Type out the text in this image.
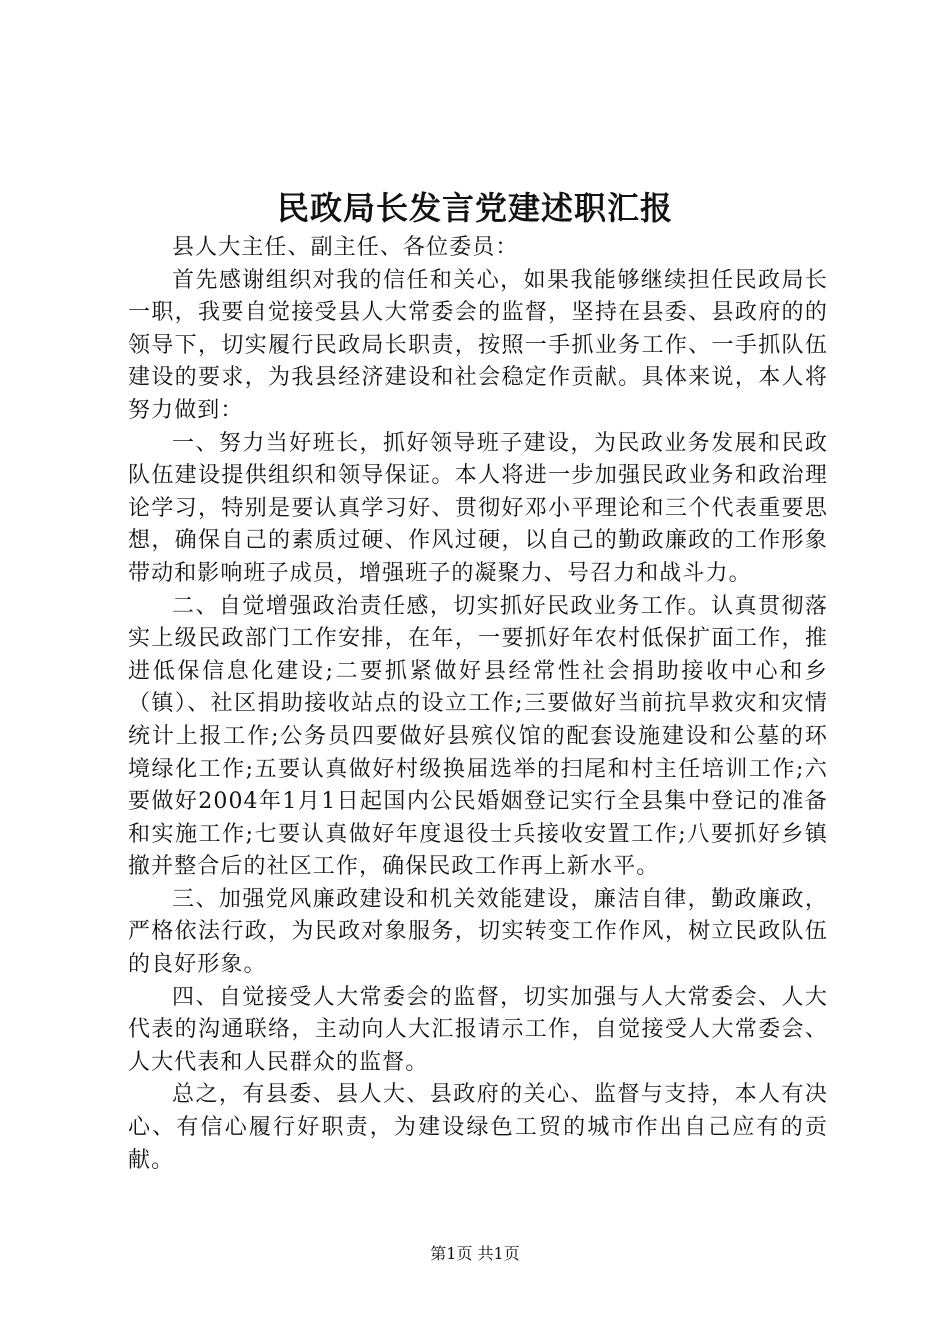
民政局长发言党建述职汇报

县人大主任、副主任、各位委员：

首先感谢组织对我的信任和关心，如果我能够继续担任民政局长一职，我要自觉接受县人大常委会的监督，坚持在县委、县政府的的领导下，切实履行民政局长职责，按照一手抓业务工作、一手抓队伍建设的要求，为我县经济建设和社会稳定作贡献。具体来说，本人将努力做到：

一、努力当好班长，抓好领导班子建设，为民政业务发展和民政队伍建设提供组织和领导保证。本人将进一步加强民政业务和政治理论学习，特别是要认真学习好、贯彻好邓小平理论和三个代表重要思想，确保自己的素质过硬、作风过硬，以自己的勤政廉政的工作形象带动和影响班子成员，增强班子的凝聚力、号召力和战斗力。

二、自觉增强政治责任感，切实抓好民政业务工作。认真贯彻落实上级民政部门工作安排，在年，一要抓好年农村低保扩面工作，推进低保信息化建设;二要抓紧做好县经常性社会捐助接收中心和乡（镇）、社区捐助接收站点的设立工作;三要做好当前抗旱救灾和灾情统计上报工作;公务员四要做好县殡仪馆的配套设施建设和公墓的环境绿化工作;五要认真做好村级换届选举的扫尾和村主任培训工作;六要做好2004年1月1日起国内公民婚姻登记实行全县集中登记的准备和实施工作;七要认真做好年度退役士兵接收安置工作;八要抓好乡镇撤并整合后的社区工作，确保民政工作再上新水平。

三、加强党风廉政建设和机关效能建设，廉洁自律，勤政廉政，严格依法行政，为民政对象服务，切实转变工作作风，树立民政队伍的良好形象。

四、自觉接受人大常委会的监督，切实加强与人大常委会、人大代表的沟通联络，主动向人大汇报请示工作，自觉接受人大常委会、人大代表和人民群众的监督。

总之，有县委、县人大、县政府的关心、监督与支持，本人有决心、有信心履行好职责，为建设绿色工贸的城市作出自己应有的贡献。

第1页 共1页
